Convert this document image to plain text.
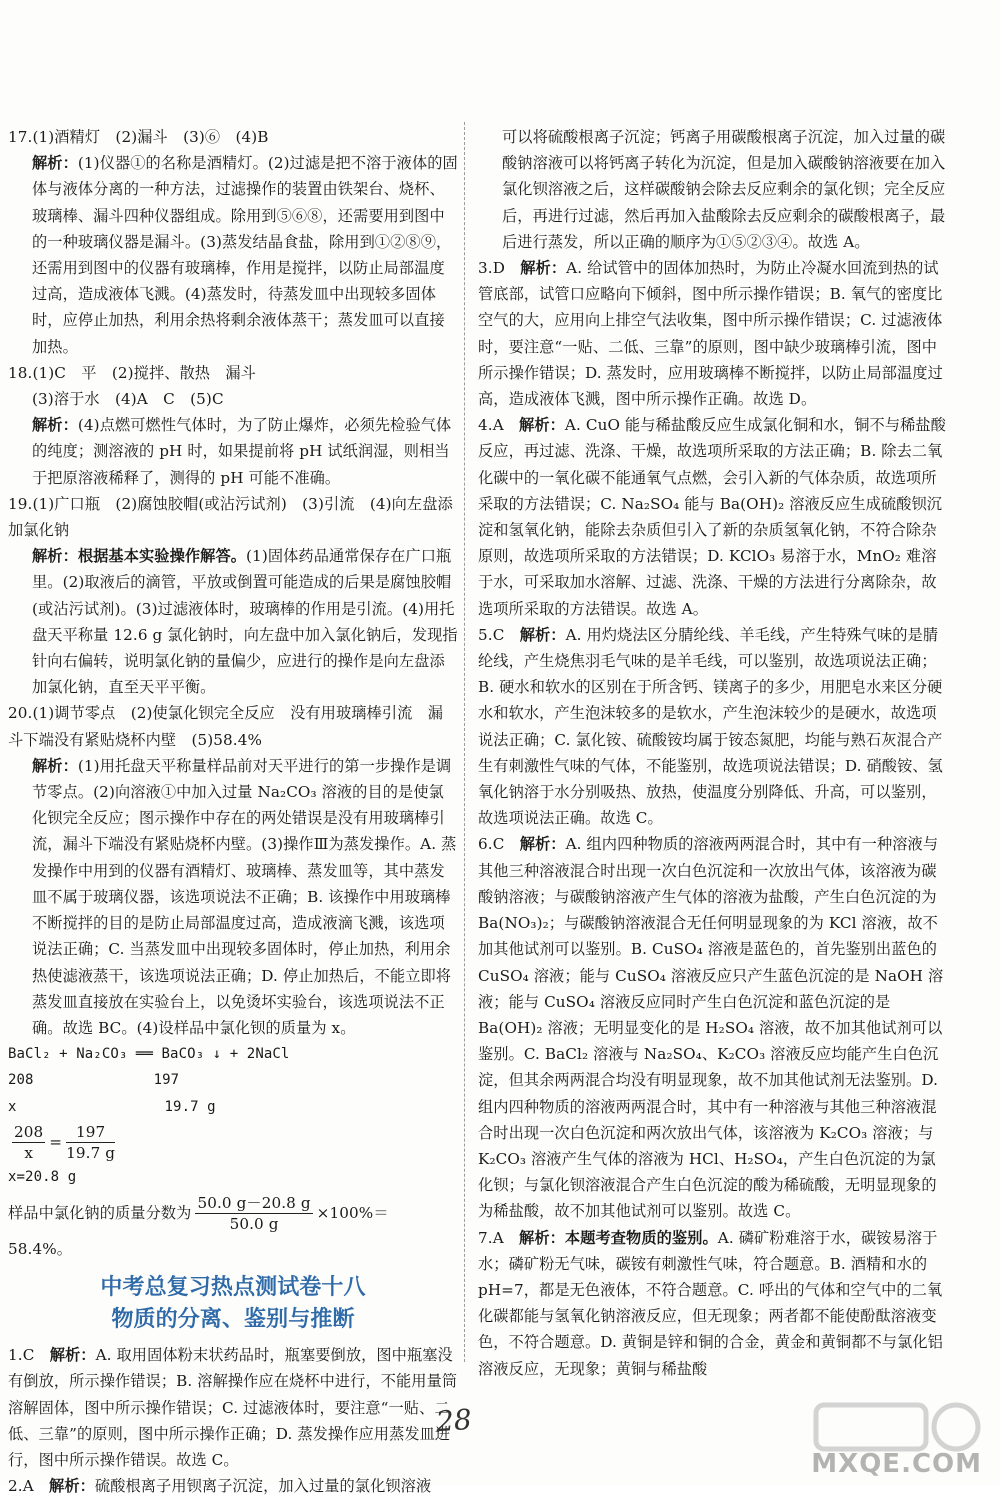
17.(1)酒精灯　(2)漏斗　(3)⑥　(4)B

解析：(1)仪器①的名称是酒精灯。(2)过滤是把不溶于液体的固体与液体分离的一种方法，过滤操作的装置由铁架台、烧杯、玻璃棒、漏斗四种仪器组成。除用到⑤⑥⑧，还需要用到图中的一种玻璃仪器是漏斗。(3)蒸发结晶食盐，除用到①②⑧⑨，还需用到图中的仪器有玻璃棒，作用是搅拌，以防止局部温度过高，造成液体飞溅。(4)蒸发时，待蒸发皿中出现较多固体时，应停止加热，利用余热将剩余液体蒸干；蒸发皿可以直接加热。

18.(1)C　平　(2)搅拌、散热　漏斗

(3)溶于水　(4)A　C　(5)C

解析：(4)点燃可燃性气体时，为了防止爆炸，必须先检验气体的纯度；测溶液的 pH 时，如果提前将 pH 试纸润湿，则相当于把原溶液稀释了，测得的 pH 可能不准确。

19.(1)广口瓶　(2)腐蚀胶帽(或沾污试剂)　(3)引流　(4)向左盘添加氯化钠

解析：根据基本实验操作解答。(1)固体药品通常保存在广口瓶里。(2)取液后的滴管，平放或倒置可能造成的后果是腐蚀胶帽(或沾污试剂)。(3)过滤液体时，玻璃棒的作用是引流。(4)用托盘天平称量 12.6 g 氯化钠时，向左盘中加入氯化钠后，发现指针向右偏转，说明氯化钠的量偏少，应进行的操作是向左盘添加氯化钠，直至天平平衡。

20.(1)调节零点　(2)使氯化钡完全反应　没有用玻璃棒引流　漏斗下端没有紧贴烧杯内壁　(5)58.4%

解析：(1)用托盘天平称量样品前对天平进行的第一步操作是调节零点。(2)向溶液①中加入过量 Na₂CO₃ 溶液的目的是使氯化钡完全反应；图示操作中存在的两处错误是没有用玻璃棒引流，漏斗下端没有紧贴烧杯内壁。(3)操作Ⅲ为蒸发操作。A. 蒸发操作中用到的仪器有酒精灯、玻璃棒、蒸发皿等，其中蒸发皿不属于玻璃仪器，该选项说法不正确；B. 该操作中用玻璃棒不断搅拌的目的是防止局部温度过高，造成液滴飞溅，该选项说法正确；C. 当蒸发皿中出现较多固体时，停止加热，利用余热使滤液蒸干，该选项说法正确；D. 停止加热后，不能立即将蒸发皿直接放在实验台上，以免烫坏实验台，该选项说法不正确。故选 BC。(4)设样品中氯化钡的质量为 x。

BaCl₂ + Na₂CO₃ ══ BaCO₃ ↓ + 2NaCl

208	197

x	19.7 g

$\frac{208}{x} = \frac{197}{19.7 g}$

x=20.8 g

样品中氯化钠的质量分数为 $\frac{50.0 g-20.8 g}{50.0 g} \times 100\%=$

58.4%。

中考总复习热点测试卷十八

物质的分离、鉴别与推断

1.C　解析：A. 取用固体粉末状药品时，瓶塞要倒放，图中瓶塞没有倒放，所示操作错误；B. 溶解操作应在烧杯中进行，不能用量筒溶解固体，图中所示操作错误；C. 过滤液体时，要注意“一贴、二低、三靠”的原则，图中所示操作正确；D. 蒸发操作应用蒸发皿进行，图中所示操作错误。故选 C。

2.A　解析：硫酸根离子用钡离子沉淀，加入过量的氯化钡溶液

可以将硫酸根离子沉淀；钙离子用碳酸根离子沉淀，加入过量的碳酸钠溶液可以将钙离子转化为沉淀，但是加入碳酸钠溶液要在加入氯化钡溶液之后，这样碳酸钠会除去反应剩余的氯化钡；完全反应后，再进行过滤，然后再加入盐酸除去反应剩余的碳酸根离子，最后进行蒸发，所以正确的顺序为①⑤②③④。故选 A。

3.D　解析：A. 给试管中的固体加热时，为防止冷凝水回流到热的试管底部，试管口应略向下倾斜，图中所示操作错误；B. 氧气的密度比空气的大，应用向上排空气法收集，图中所示操作错误；C. 过滤液体时，要注意“一贴、二低、三靠”的原则，图中缺少玻璃棒引流，图中所示操作错误；D. 蒸发时，应用玻璃棒不断搅拌，以防止局部温度过高，造成液体飞溅，图中所示操作正确。故选 D。

4.A　解析：A. CuO 能与稀盐酸反应生成氯化铜和水，铜不与稀盐酸反应，再过滤、洗涤、干燥，故选项所采取的方法正确；B. 除去二氧化碳中的一氧化碳不能通氧气点燃，会引入新的气体杂质，故选项所采取的方法错误；C. Na₂SO₄ 能与 Ba(OH)₂ 溶液反应生成硫酸钡沉淀和氢氧化钠，能除去杂质但引入了新的杂质氢氧化钠，不符合除杂原则，故选项所采取的方法错误；D. KClO₃ 易溶于水，MnO₂ 难溶于水，可采取加水溶解、过滤、洗涤、干燥的方法进行分离除杂，故选项所采取的方法错误。故选 A。

5.C　解析：A. 用灼烧法区分腈纶线、羊毛线，产生特殊气味的是腈纶线，产生烧焦羽毛气味的是羊毛线，可以鉴别，故选项说法正确；B. 硬水和软水的区别在于所含钙、镁离子的多少，用肥皂水来区分硬水和软水，产生泡沫较多的是软水，产生泡沫较少的是硬水，故选项说法正确；C. 氯化铵、硫酸铵均属于铵态氮肥，均能与熟石灰混合产生有刺激性气味的气体，不能鉴别，故选项说法错误；D. 硝酸铵、氢氧化钠溶于水分别吸热、放热，使温度分别降低、升高，可以鉴别，故选项说法正确。故选 C。

6.C　解析：A. 组内四种物质的溶液两两混合时，其中有一种溶液与其他三种溶液混合时出现一次白色沉淀和一次放出气体，该溶液为碳酸钠溶液；与碳酸钠溶液产生气体的溶液为盐酸，产生白色沉淀的为 Ba(NO₃)₂；与碳酸钠溶液混合无任何明显现象的为 KCl 溶液，故不加其他试剂可以鉴别。B. CuSO₄ 溶液是蓝色的，首先鉴别出蓝色的 CuSO₄ 溶液；能与 CuSO₄ 溶液反应只产生蓝色沉淀的是 NaOH 溶液；能与 CuSO₄ 溶液反应同时产生白色沉淀和蓝色沉淀的是 Ba(OH)₂ 溶液；无明显变化的是 H₂SO₄ 溶液，故不加其他试剂可以鉴别。C. BaCl₂ 溶液与 Na₂SO₄、K₂CO₃ 溶液反应均能产生白色沉淀，但其余两两混合均没有明显现象，故不加其他试剂无法鉴别。D. 组内四种物质的溶液两两混合时，其中有一种溶液与其他三种溶液混合时出现一次白色沉淀和两次放出气体，该溶液为 K₂CO₃ 溶液；与 K₂CO₃ 溶液产生气体的溶液为 HCl、H₂SO₄，产生白色沉淀的为氯化钡；与氯化钡溶液混合产生白色沉淀的酸为稀硫酸，无明显现象的为稀盐酸，故不加其他试剂可以鉴别。故选 C。

7.A　解析：本题考查物质的鉴别。A. 磷矿粉难溶于水，碳铵易溶于水；磷矿粉无气味，碳铵有刺激性气味，符合题意。B. 酒精和水的 pH=7，都是无色液体，不符合题意。C. 呼出的气体和空气中的二氧化碳都能与氢氧化钠溶液反应，但无现象；两者都不能使酚酞溶液变色，不符合题意。D. 黄铜是锌和铜的合金，黄金和黄铜都不与氯化铝溶液反应，无现象；黄铜与稀盐酸

28
MXQE.COM
